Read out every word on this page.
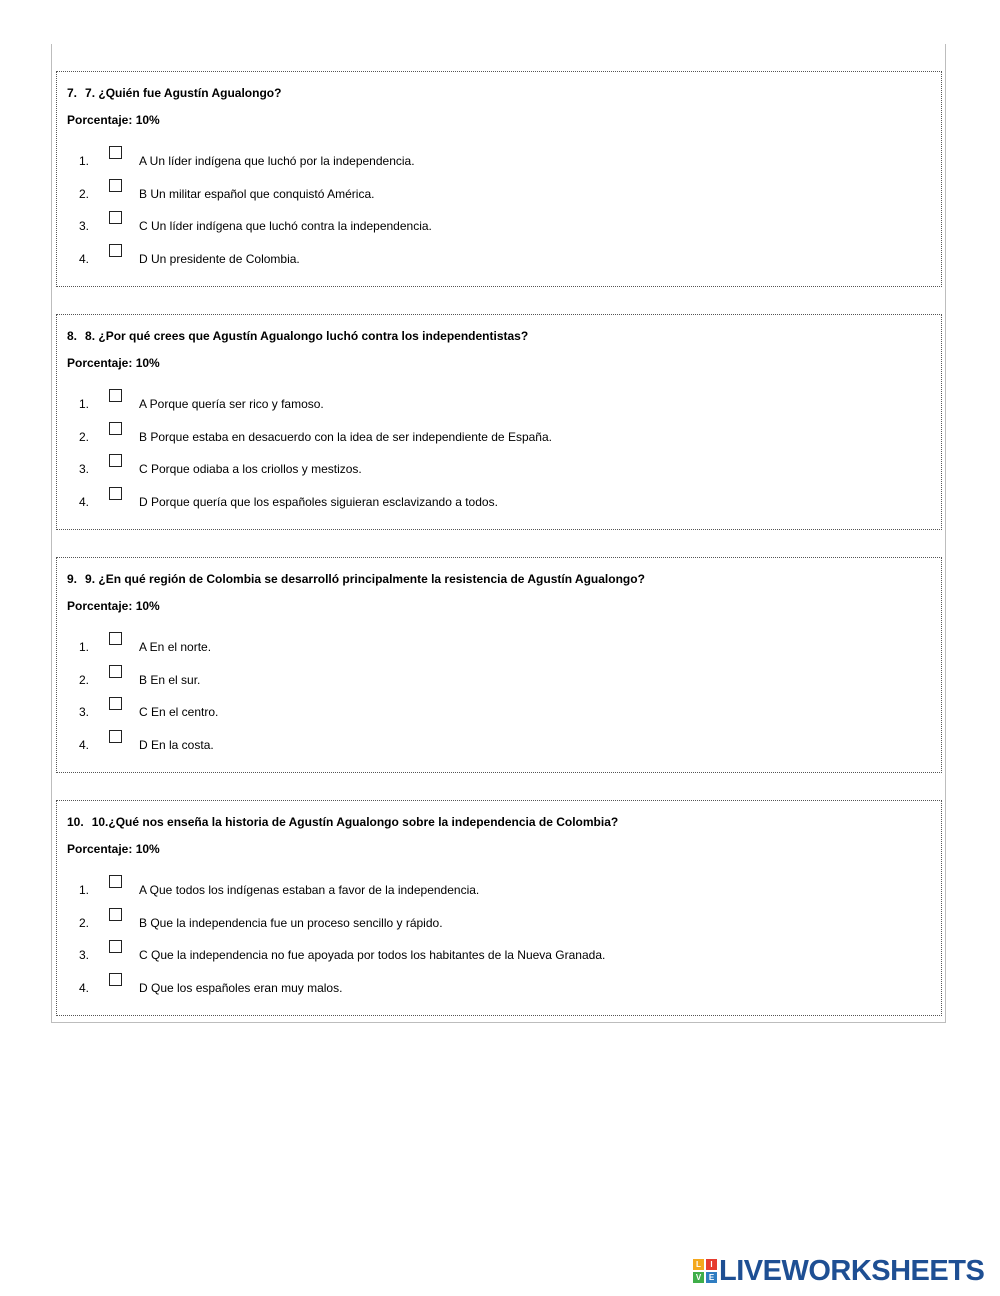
7. 7. ¿Quién fue Agustín Agualongo?
Porcentaje: 10%
1.	A Un líder indígena que luchó por la independencia.
2.	B Un militar español que conquistó América.
3.	C Un líder indígena que luchó contra la independencia.
4.	D Un presidente de Colombia.
8. 8. ¿Por qué crees que Agustín Agualongo luchó contra los independentistas?
Porcentaje: 10%
1.	A Porque quería ser rico y famoso.
2.	B Porque estaba en desacuerdo con la idea de ser independiente de España.
3.	C Porque odiaba a los criollos y mestizos.
4.	D Porque quería que los españoles siguieran esclavizando a todos.
9. 9. ¿En qué región de Colombia se desarrolló principalmente la resistencia de Agustín Agualongo?
Porcentaje: 10%
1.	A En el norte.
2.	B En el sur.
3.	C En el centro.
4.	D En la costa.
10. 10.¿Qué nos enseña la historia de Agustín Agualongo sobre la independencia de Colombia?
Porcentaje: 10%
1.	A Que todos los indígenas estaban a favor de la independencia.
2.	B Que la independencia fue un proceso sencillo y rápido.
3.	C Que la independencia no fue apoyada por todos los habitantes de la Nueva Granada.
4.	D Que los españoles eran muy malos.
L	I
V E LIVEWORKSHEETS
